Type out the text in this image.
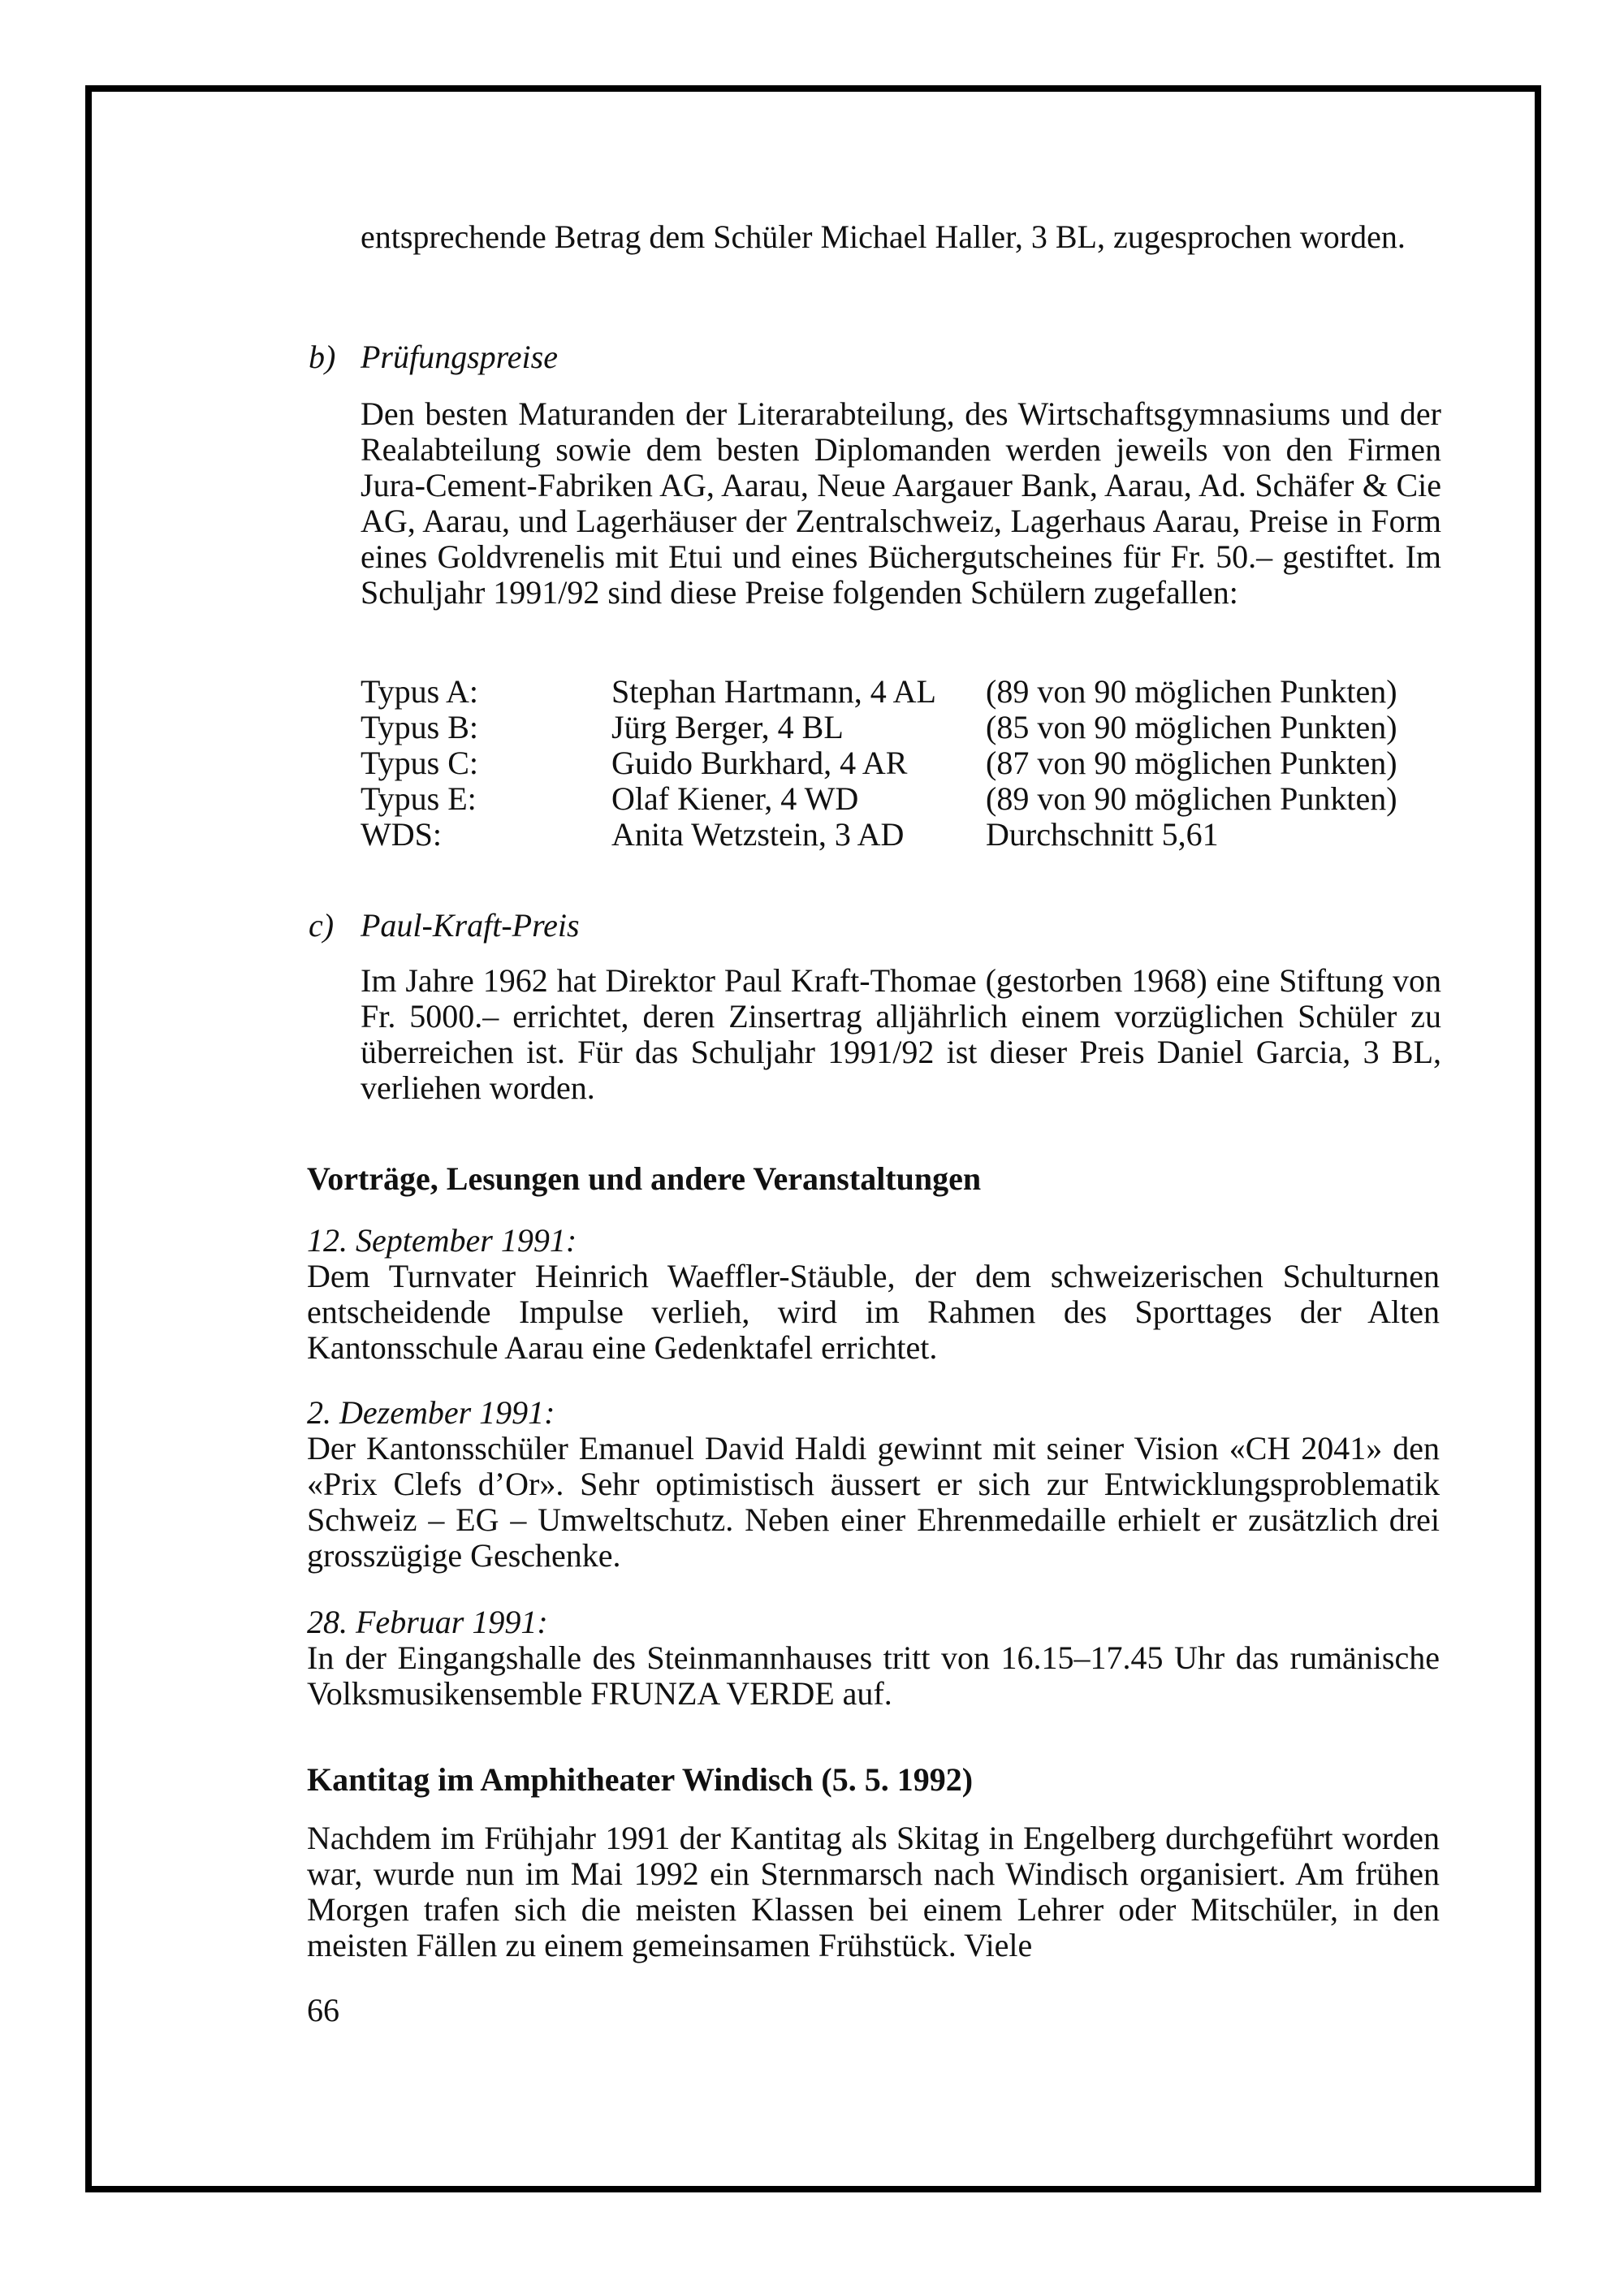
entsprechende Betrag dem Schüler Michael Haller, 3 BL, zugesprochen worden.
b) Prüfungspreise
Den besten Maturanden der Literarabteilung, des Wirtschaftsgymnasiums und der Realabteilung sowie dem besten Diplomanden werden jeweils von den Firmen Jura-Cement-Fabriken AG, Aarau, Neue Aargauer Bank, Aarau, Ad. Schäfer & Cie AG, Aarau, und Lagerhäuser der Zentralschweiz, Lagerhaus Aarau, Preise in Form eines Goldvrenelis mit Etui und eines Büchergutscheines für Fr. 50.– gestiftet. Im Schuljahr 1991/92 sind diese Preise folgenden Schülern zugefallen:
Typus A:	Stephan Hartmann, 4 AL	(89 von 90 möglichen Punkten)
Typus B:	Jürg Berger, 4 BL	(85 von 90 möglichen Punkten)
Typus C:	Guido Burkhard, 4 AR	(87 von 90 möglichen Punkten)
Typus E:	Olaf Kiener, 4 WD	(89 von 90 möglichen Punkten)
WDS:	Anita Wetzstein, 3 AD	Durchschnitt 5,61
c) Paul-Kraft-Preis
Im Jahre 1962 hat Direktor Paul Kraft-Thomae (gestorben 1968) eine Stiftung von Fr. 5000.– errichtet, deren Zinsertrag alljährlich einem vorzüglichen Schüler zu überreichen ist. Für das Schuljahr 1991/92 ist dieser Preis Daniel Garcia, 3 BL, verliehen worden.
Vorträge, Lesungen und andere Veranstaltungen
12. September 1991:
Dem Turnvater Heinrich Waeffler-Stäuble, der dem schweizerischen Schulturnen entscheidende Impulse verlieh, wird im Rahmen des Sporttages der Alten Kantonsschule Aarau eine Gedenktafel errichtet.
2. Dezember 1991:
Der Kantonsschüler Emanuel David Haldi gewinnt mit seiner Vision «CH 2041» den «Prix Clefs d’Or». Sehr optimistisch äussert er sich zur Entwicklungsproblematik Schweiz – EG – Umweltschutz. Neben einer Ehrenmedaille erhielt er zusätzlich drei grosszügige Geschenke.
28. Februar 1991:
In der Eingangshalle des Steinmannhauses tritt von 16.15–17.45 Uhr das rumänische Volksmusikensemble FRUNZA VERDE auf.
Kantitag im Amphitheater Windisch (5. 5. 1992)
Nachdem im Frühjahr 1991 der Kantitag als Skitag in Engelberg durchgeführt worden war, wurde nun im Mai 1992 ein Sternmarsch nach Windisch organisiert. Am frühen Morgen trafen sich die meisten Klassen bei einem Lehrer oder Mitschüler, in den meisten Fällen zu einem gemeinsamen Frühstück. Viele
66
